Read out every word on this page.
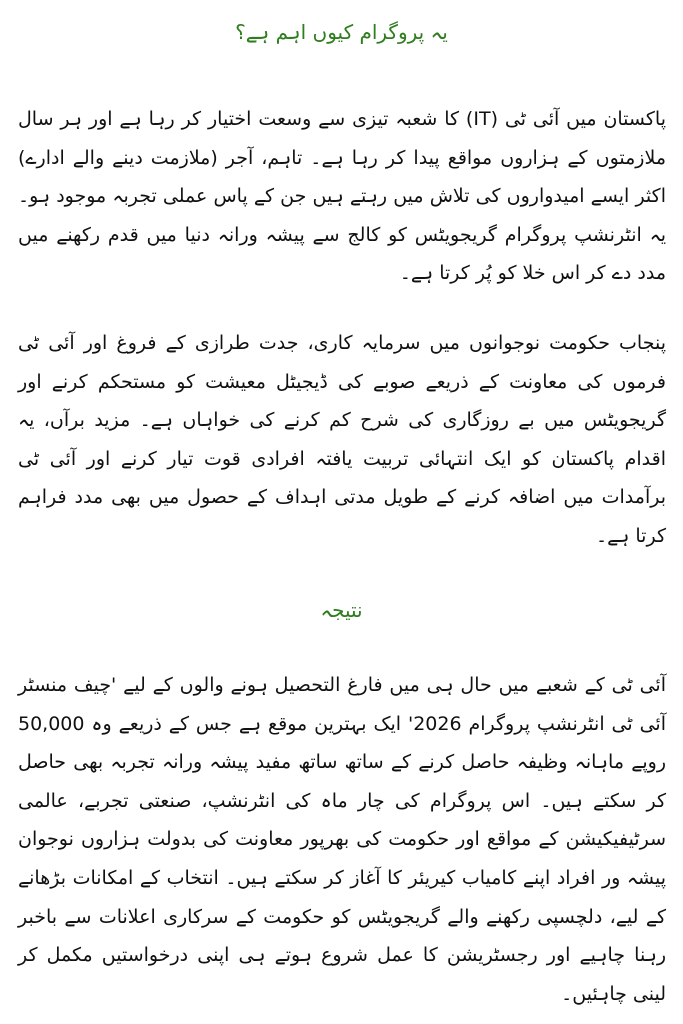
یہ پروگرام کیوں اہم ہے؟

پاکستان میں آئی ٹی (IT) کا شعبہ تیزی سے وسعت اختیار کر رہا ہے اور ہر سال ملازمتوں کے ہزاروں مواقع پیدا کر رہا ہے۔ تاہم، آجر (ملازمت دینے والے ادارے) اکثر ایسے امیدواروں کی تلاش میں رہتے ہیں جن کے پاس عملی تجربہ موجود ہو۔ یہ انٹرنشپ پروگرام گریجویٹس کو کالج سے پیشہ ورانہ دنیا میں قدم رکھنے میں مدد دے کر اس خلا کو پُر کرتا ہے۔

پنجاب حکومت نوجوانوں میں سرمایہ کاری، جدت طرازی کے فروغ اور آئی ٹی فرموں کی معاونت کے ذریعے صوبے کی ڈیجیٹل معیشت کو مستحکم کرنے اور گریجویٹس میں بے روزگاری کی شرح کم کرنے کی خواہاں ہے۔ مزید برآں، یہ اقدام پاکستان کو ایک انتہائی تربیت یافتہ افرادی قوت تیار کرنے اور آئی ٹی برآمدات میں اضافہ کرنے کے طویل مدتی اہداف کے حصول میں بھی مدد فراہم کرتا ہے۔

نتیجہ

آئی ٹی کے شعبے میں حال ہی میں فارغ التحصیل ہونے والوں کے لیے 'چیف منسٹر آئی ٹی انٹرنشپ پروگرام 2026' ایک بہترین موقع ہے جس کے ذریعے وہ 50,000 روپے ماہانہ وظیفہ حاصل کرنے کے ساتھ ساتھ مفید پیشہ ورانہ تجربہ بھی حاصل کر سکتے ہیں۔ اس پروگرام کی چار ماہ کی انٹرنشپ، صنعتی تجربے، عالمی سرٹیفیکیشن کے مواقع اور حکومت کی بھرپور معاونت کی بدولت ہزاروں نوجوان پیشہ ور افراد اپنے کامیاب کیریئر کا آغاز کر سکتے ہیں۔ انتخاب کے امکانات بڑھانے کے لیے، دلچسپی رکھنے والے گریجویٹس کو حکومت کے سرکاری اعلانات سے باخبر رہنا چاہیے اور رجسٹریشن کا عمل شروع ہوتے ہی اپنی درخواستیں مکمل کر لینی چاہئیں۔
